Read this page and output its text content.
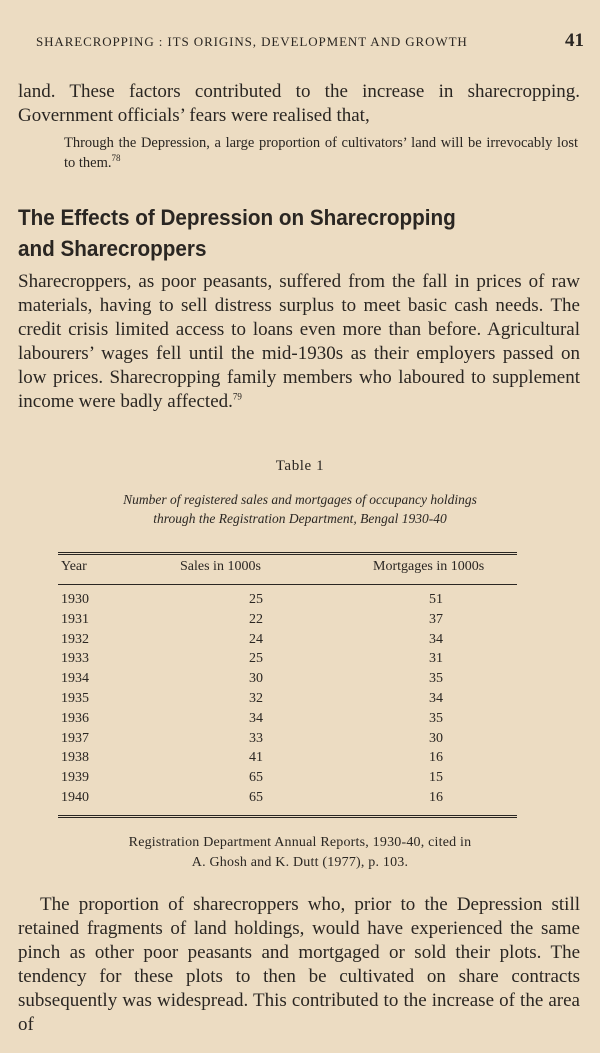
SHARECROPPING : ITS ORIGINS, DEVELOPMENT AND GROWTH	41

land. These factors contributed to the increase in sharecropping. Government officials’ fears were realised that,

Through the Depression, a large proportion of cultivators’ land will be irrevocably lost to them.$^{78}$

The Effects of Depression on Sharecropping
and Sharecroppers

Sharecroppers, as poor peasants, suffered from the fall in prices of raw materials, having to sell distress surplus to meet basic cash needs. The credit crisis limited access to loans even more than before. Agricultural labourers’ wages fell until the mid-1930s as their employers passed on low prices. Sharecropping family members who laboured to supplement income were badly affected.$^{79}$

Table 1
Number of registered sales and mortgages of occupancy holdings
through the Registration Department, Bengal 1930-40
Year	Sales in 1000s	Mortgages in 1000s
1930	25	51
1931	22	37
1932	24	34
1933	25	31
1934	30	35
1935	32	34
1936	34	35
1937	33	30
1938	41	16
1939	65	15
1940	65	16
Registration Department Annual Reports, 1930-40, cited in
A. Ghosh and K. Dutt (1977), p. 103.

The proportion of sharecroppers who, prior to the Depression still retained fragments of land holdings, would have experienced the same pinch as other poor peasants and mortgaged or sold their plots. The tendency for these plots to then be cultivated on share contracts subsequently was widespread. This contributed to the increase of the area of
